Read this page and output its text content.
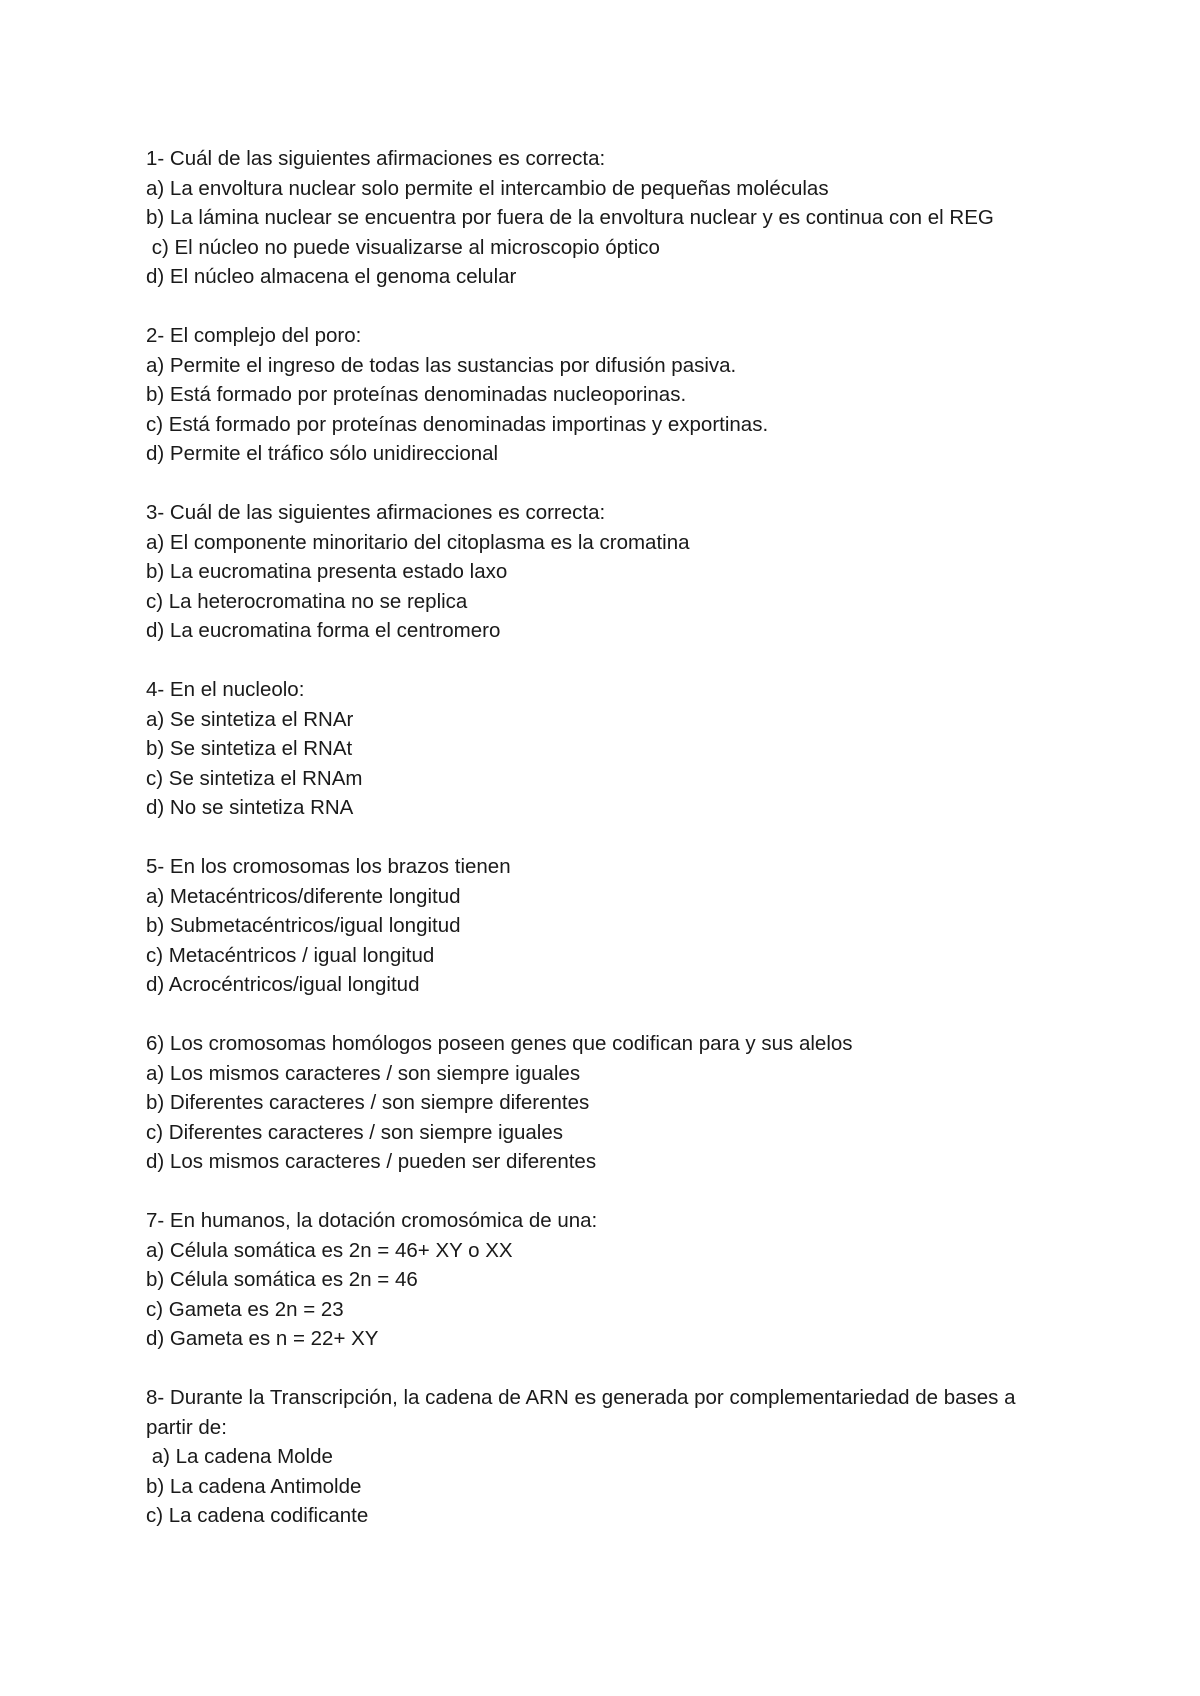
1- Cuál de las siguientes afirmaciones es correcta:
a) La envoltura nuclear solo permite el intercambio de pequeñas moléculas
b) La lámina nuclear se encuentra por fuera de la envoltura nuclear y es continua con el REG
c) El núcleo no puede visualizarse al microscopio óptico
d) El núcleo almacena el genoma celular
2- El complejo del poro:
a) Permite el ingreso de todas las sustancias por difusión pasiva.
b) Está formado por proteínas denominadas nucleoporinas.
c) Está formado por proteínas denominadas importinas y exportinas.
d) Permite el tráfico sólo unidireccional
3- Cuál de las siguientes afirmaciones es correcta:
a) El componente minoritario del citoplasma es la cromatina
b) La eucromatina presenta estado laxo
c) La heterocromatina no se replica
d) La eucromatina forma el centromero
4- En el nucleolo:
a) Se sintetiza el RNAr
b) Se sintetiza el RNAt
c) Se sintetiza el RNAm
d) No se sintetiza RNA
5- En los cromosomas los brazos tienen
a) Metacéntricos/diferente longitud
b) Submetacéntricos/igual longitud
c) Metacéntricos / igual longitud
d) Acrocéntricos/igual longitud
6) Los cromosomas homólogos poseen genes que codifican para y sus alelos
a) Los mismos caracteres / son siempre iguales
b) Diferentes caracteres / son siempre diferentes
c) Diferentes caracteres / son siempre iguales
d) Los mismos caracteres / pueden ser diferentes
7- En humanos, la dotación cromosómica de una:
a) Célula somática es 2n = 46+ XY o XX
b) Célula somática es 2n = 46
c) Gameta es 2n = 23
d) Gameta es n = 22+ XY
8- Durante la Transcripción, la cadena de ARN es generada por complementariedad de bases a partir de:
a) La cadena Molde
b) La cadena Antimolde
c) La cadena codificante
